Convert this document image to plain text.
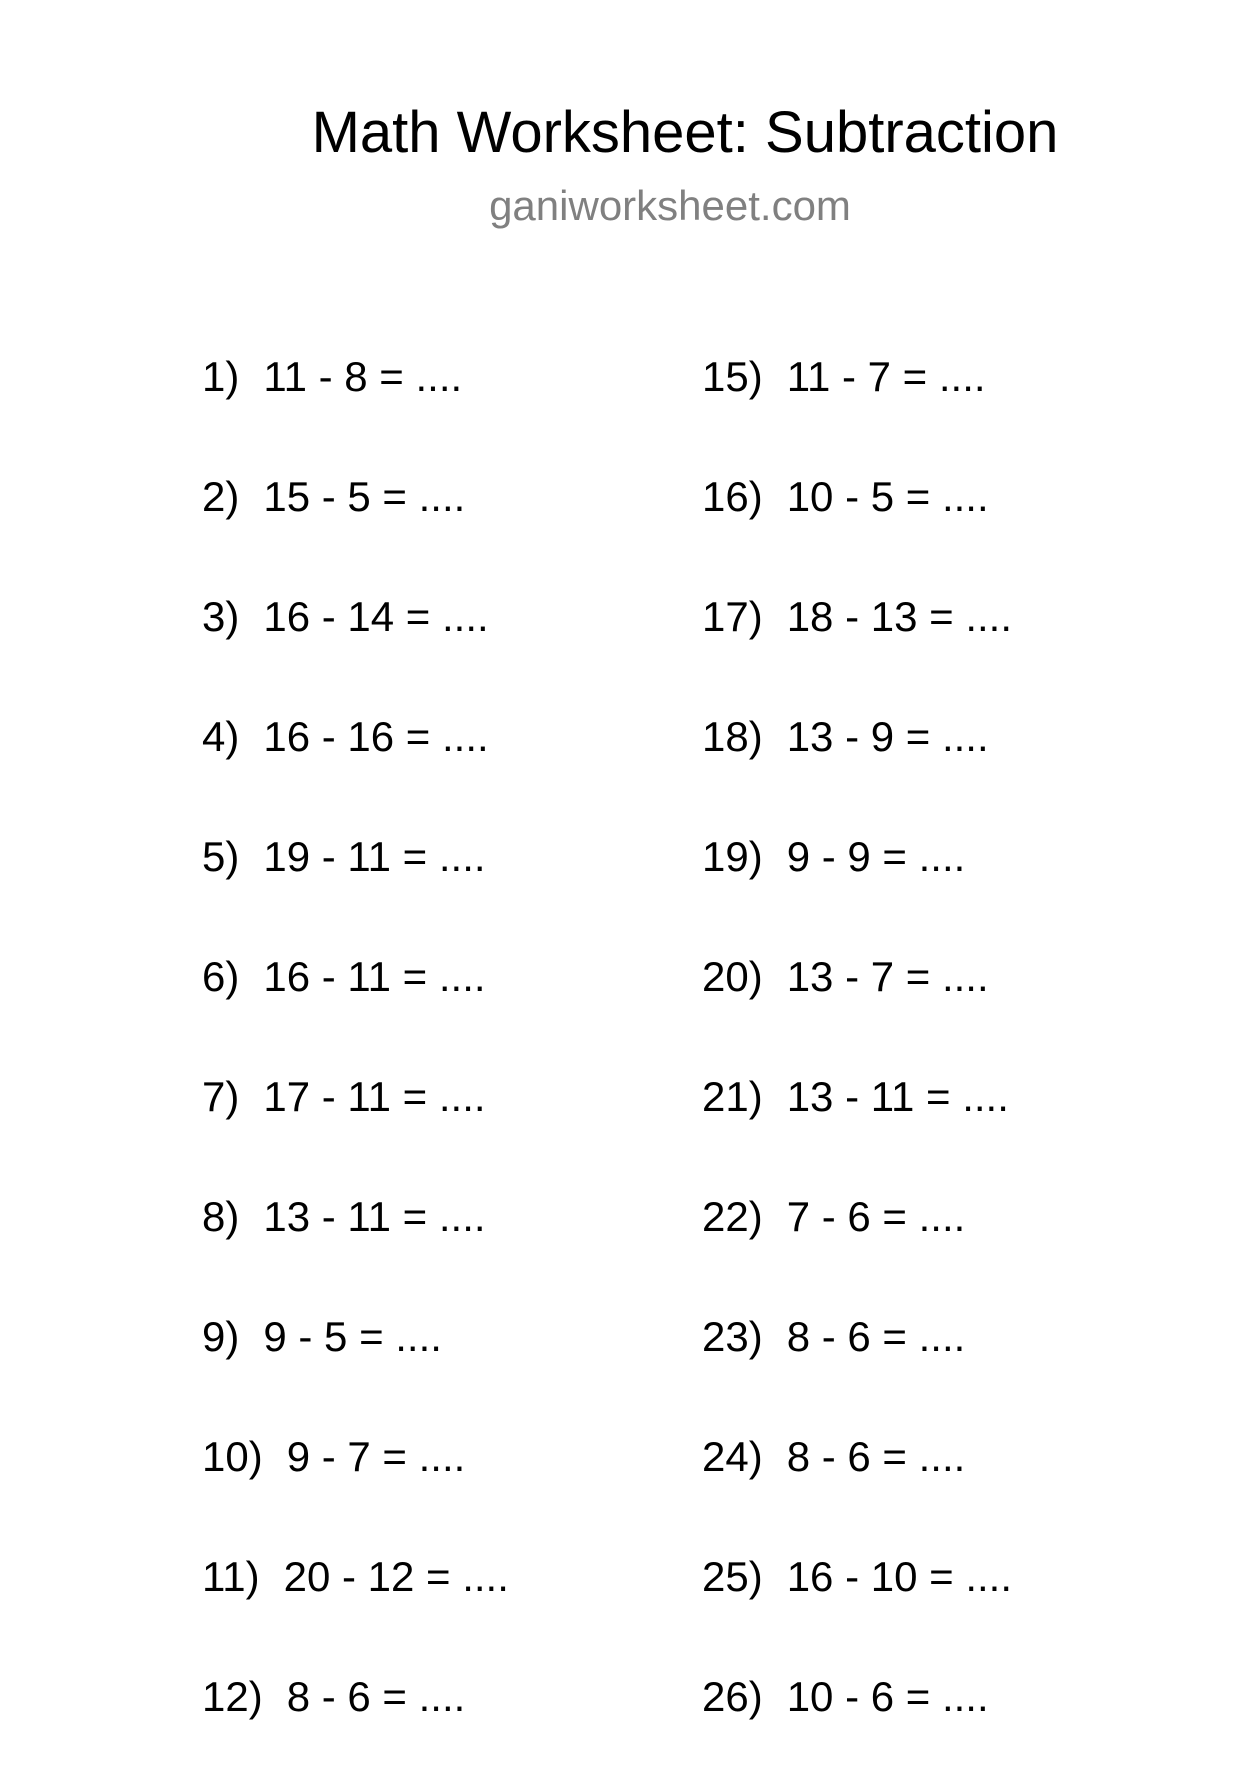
Math Worksheet: Subtraction
ganiworksheet.com
1) 11 - 8 = ....
2) 15 - 5 = ....
3) 16 - 14 = ....
4) 16 - 16 = ....
5) 19 - 11 = ....
6) 16 - 11 = ....
7) 17 - 11 = ....
8) 13 - 11 = ....
9) 9 - 5 = ....
10) 9 - 7 = ....
11) 20 - 12 = ....
12) 8 - 6 = ....
15) 11 - 7 = ....
16) 10 - 5 = ....
17) 18 - 13 = ....
18) 13 - 9 = ....
19) 9 - 9 = ....
20) 13 - 7 = ....
21) 13 - 11 = ....
22) 7 - 6 = ....
23) 8 - 6 = ....
24) 8 - 6 = ....
25) 16 - 10 = ....
26) 10 - 6 = ....
